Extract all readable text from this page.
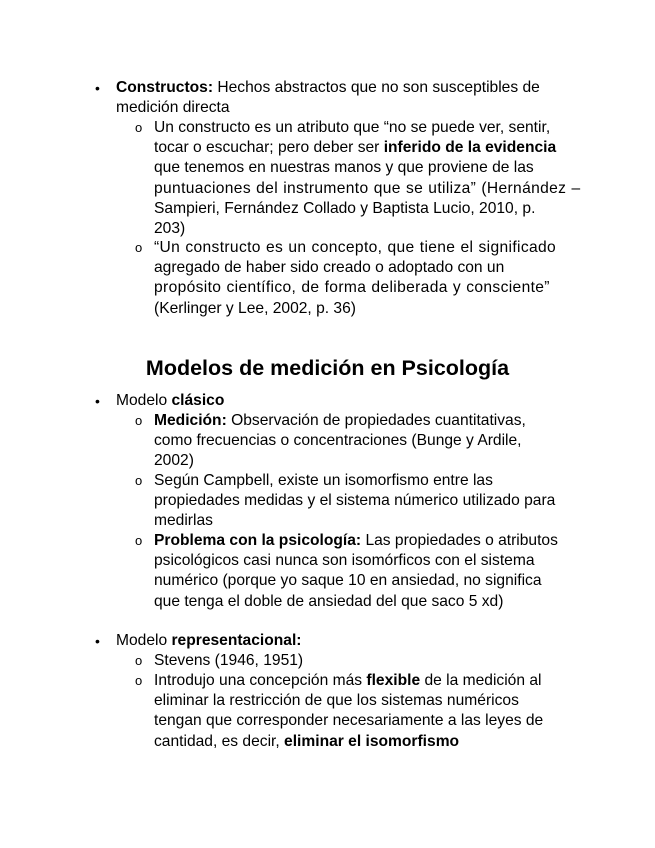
• Constructos: Hechos abstractos que no son susceptibles de
medición directa
o Un constructo es un atributo que “no se puede ver, sentir,
tocar o escuchar; pero deber ser inferido de la evidencia
que tenemos en nuestras manos y que proviene de las
puntuaciones del instrumento que se utiliza” (Hernández –
Sampieri, Fernández Collado y Baptista Lucio, 2010, p.
203)
o “Un constructo es un concepto, que tiene el significado
agregado de haber sido creado o adoptado con un
propósito científico, de forma deliberada y consciente”
(Kerlinger y Lee, 2002, p. 36)
Modelos de medición en Psicología
• Modelo clásico
o Medición: Observación de propiedades cuantitativas,
como frecuencias o concentraciones (Bunge y Ardile,
2002)
o Según Campbell, existe un isomorfismo entre las
propiedades medidas y el sistema númerico utilizado para
medirlas
o Problema con la psicología: Las propiedades o atributos
psicológicos casi nunca son isomórficos con el sistema
numérico (porque yo saque 10 en ansiedad, no significa
que tenga el doble de ansiedad del que saco 5 xd)
• Modelo representacional:
o Stevens (1946, 1951)
o Introdujo una concepción más flexible de la medición al
eliminar la restricción de que los sistemas numéricos
tengan que corresponder necesariamente a las leyes de
cantidad, es decir, eliminar el isomorfismo
